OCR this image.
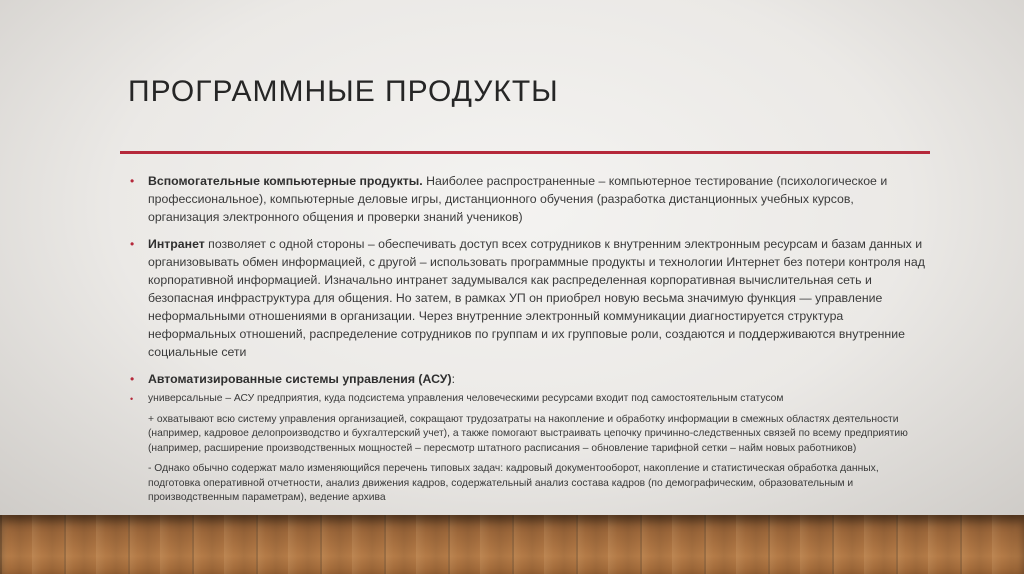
ПРОГРАММНЫЕ ПРОДУКТЫ
• Вспомогательные компьютерные продукты. Наиболее распространенные – компьютерное тестирование (психологическое и профессиональное), компьютерные деловые игры, дистанционного обучения (разработка дистанционных учебных курсов, организация электронного общения и проверки знаний учеников)
• Интранет позволяет с одной стороны – обеспечивать доступ всех сотрудников к внутренним электронным ресурсам и базам данных и организовывать обмен информацией, с другой – использовать программные продукты и технологии Интернет без потери контроля над корпоративной информацией. Изначально интранет задумывался как распределенная корпоративная вычислительная сеть и безопасная инфраструктура для общения. Но затем, в рамках УП он приобрел новую весьма значимую функция — управление неформальными отношениями в организации. Через внутренние электронный коммуникации диагностируется структура неформальных отношений, распределение сотрудников по группам и их групповые роли, создаются и поддерживаются внутренние социальные сети
• Автоматизированные системы управления (АСУ):
• универсальные – АСУ предприятия, куда подсистема управления человеческими ресурсами входит под самостоятельным статусом
+ охватывают всю систему управления организацией, сокращают трудозатраты на накопление и обработку информации в смежных областях деятельности (например, кадровое делопроизводство и бухгалтерский учет), а также помогают выстраивать цепочку причинно-следственных связей по всему предприятию (например, расширение производственных мощностей – пересмотр штатного расписания – обновление тарифной сетки – найм новых работников)
- Однако обычно содержат мало изменяющийся перечень типовых задач: кадровый документооборот, накопление и статистическая обработка данных, подготовка оперативной отчетности, анализ движения кадров, содержательный анализ состава кадров (по демографическим, образовательным и производственным параметрам), ведение архива
